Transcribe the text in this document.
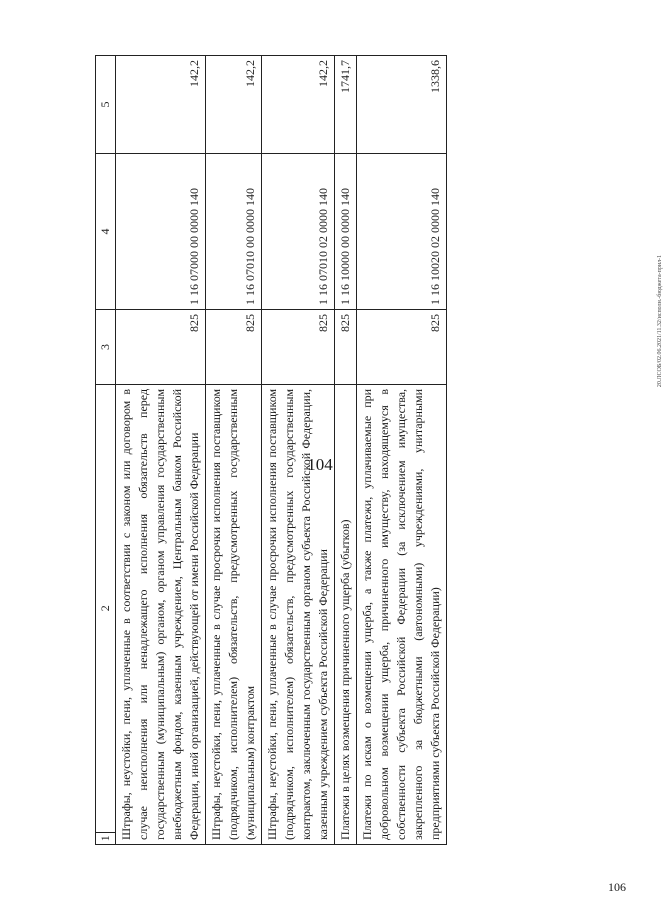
104
1	2	3	4	5
Штрафы, неустойки, пени, уплаченные в соответствии с законом или договором в случае неисполнения или ненадлежащего исполнения обязательств перед государственным (муниципальным) органом, органом управления государственным внебюджетным фондом, казенным учреждением, Центральным банком Российской Федерации, иной организацией, действующей от имени Российской Федерации		825	1 16 07000 00 0000 140	142,2
Штрафы, неустойки, пени, уплаченные в случае просрочки исполнения поставщиком (подрядчиком, исполнителем) обязательств, предусмотренных государственным (муниципальным) контрактом		825	1 16 07010 00 0000 140	142,2
Штрафы, неустойки, пени, уплаченные в случае просрочки исполнения поставщиком (подрядчиком, исполнителем) обязательств, предусмотренных государственным контрактом, заключенным государственным органом субъекта Российской Федерации, казенным учреждением субъекта Российской Федерации		825	1 16 07010 02 0000 140	142,2
Платежи в целях возмещения причиненного ущерба (убытков)		825	1 16 10000 00 0000 140	1741,7
Платежи по искам о возмещении ущерба, а также платежи, уплачиваемые при добровольном возмещении ущерба, причиненного имуществу, находящемуся в собственности субъекта Российской Федерации (за исключением имущества, закрепленного за бюджетными (автономными) учреждениями, унитарными предприятиями субъекта Российской Федерации)		825	1 16 10020 02 0000 140	1338,6
20.ЛСОБ/02.06.2021/11.32/исполн.-бюджета-прил-1
106
